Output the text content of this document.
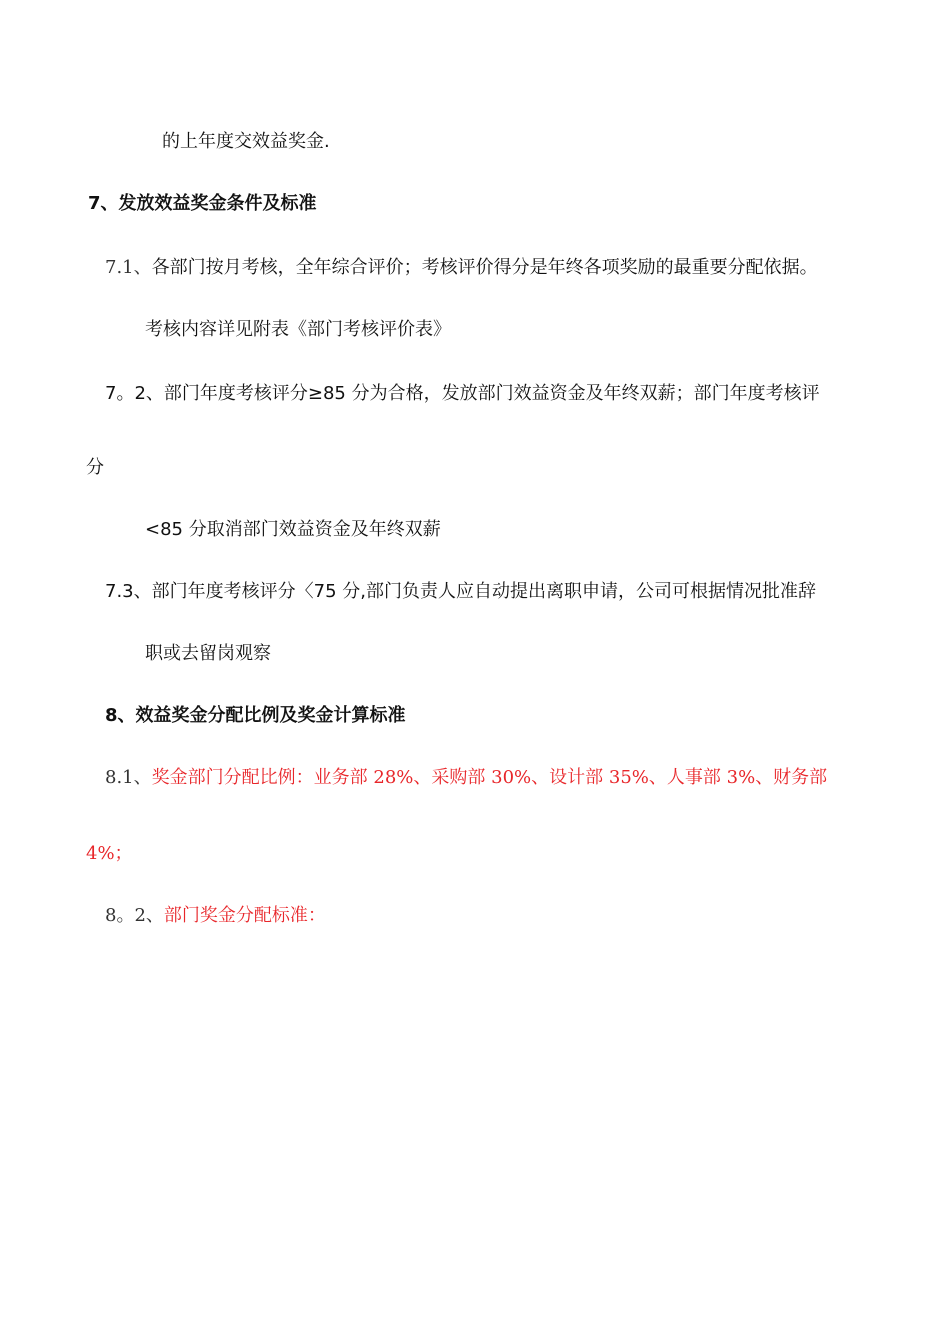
的上年度交效益奖金.
7、发放效益奖金条件及标准
7.1、各部门按月考核，全年综合评价；考核评价得分是年终各项奖励的最重要分配依据。
考核内容详见附表《部门考核评价表》
7。2、部门年度考核评分≥85 分为合格，发放部门效益资金及年终双薪；部门年度考核评
分
<85 分取消部门效益资金及年终双薪
7.3、部门年度考核评分〈75 分,部门负责人应自动提出离职申请，公司可根据情况批准辞
职或去留岗观察
8、效益奖金分配比例及奖金计算标准
8.1、奖金部门分配比例：业务部 28%、采购部 30%、设计部 35%、人事部 3%、财务部
4%；
8。2、部门奖金分配标准：
